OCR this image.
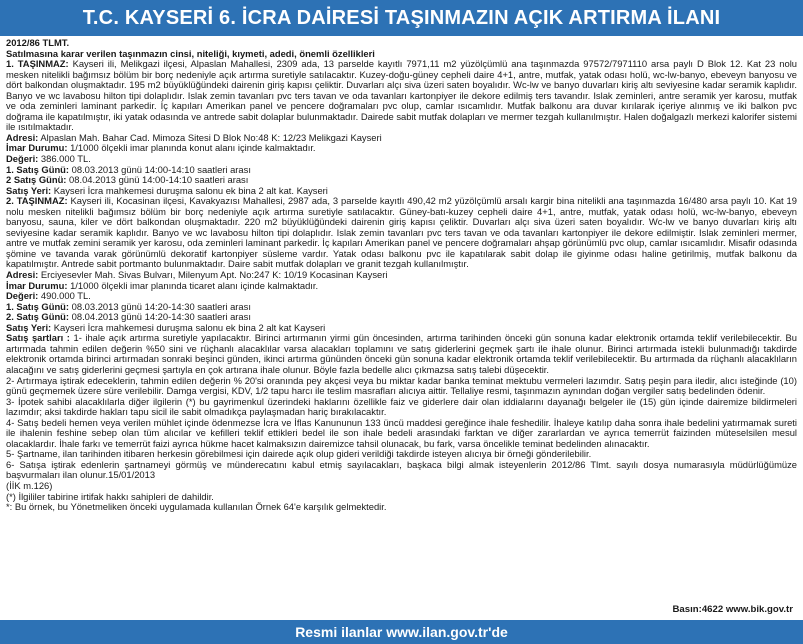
T.C. KAYSERİ 6. İCRA DAİRESİ TAŞINMAZIN AÇIK ARTIRMA İLANI

2012/86 TLMT.

Satılmasına karar verilen taşınmazın cinsi, niteliği, kıymeti, adedi, önemli özellikleri

1. TAŞINMAZ: Kayseri ili, Melikgazi ilçesi, Alpaslan Mahallesi, 2309 ada, 13 parselde kayıtlı 7971,11 m2 yüzölçümlü ana taşınmazda 97572/7971110 arsa paylı D Blok 12. Kat 23 nolu mesken nitelikli bağımsız bölüm bir borç nedeniyle açık artırma suretiyle satılacaktır. Kuzey-doğu-güney cepheli daire 4+1, antre, mutfak, yatak odası holü, wc-lw-banyo, ebeveyn banyosu ve dört balkondan oluşmaktadır. 195 m2 büyüklüğündeki dairenin giriş kapısı çeliktir. Duvarları alçı siva üzeri saten boyalıdır. Wc-lw ve banyo duvarları kiriş altı seviyesine kadar seramik kaplıdır. Banyo ve wc lavabosu hilton tipi dolaplıdır. Islak zemin tavanları pvc ters tavan ve oda tavanları kartonpiyer ile dekore edilmiş ters tavandır. Islak zeminleri, antre seramik yer karosu, mutfak ve oda zeminleri laminant parkedir. İç kapıları Amerikan panel ve pencere doğramaları pvc olup, camlar ısıcamlıdır. Mutfak balkonu ara duvar kırılarak içeriye alınmış ve iki balkon pvc doğrama ile kapatılmıştır, iki yatak odasında ve antrede sabit dolaplar bulunmaktadır. Dairede sabit mutfak dolapları ve mermer tezgah kullanılmıştır. Halen doğalgazlı merkezi kalorifer sistemi ile ısıtılmaktadır.

Adresi: Alpaslan Mah. Bahar Cad. Mimoza Sitesi D Blok No:48 K: 12/23 Melikgazi Kayseri

İmar Durumu: 1/1000 ölçekli imar planında konut alanı içinde kalmaktadır.

Değeri: 386.000 TL.

1. Satış Günü: 08.03.2013 günü 14:00-14:10 saatleri arası

2 Satış Günü: 08.04.2013 günü 14:00-14:10 saatleri arası

Satış Yeri: Kayseri İcra mahkemesi duruşma salonu ek bina 2 alt kat. Kayseri

2. TAŞINMAZ: Kayseri ili, Kocasinan ilçesi, Kavakyazısı Mahallesi, 2987 ada, 3 parselde kayıtlı 490,42 m2 yüzölçümlü arsalı kargir bina nitelikli ana taşınmazda 16/480 arsa paylı 10. Kat 19 nolu mesken nitelikli bağımsız bölüm bir borç nedeniyle açık artırma suretiyle satılacaktır. Güney-batı-kuzey cepheli daire 4+1, antre, mutfak, yatak odası holü, wc-lw-banyo, ebeveyn banyosu, sauna, kiler ve dört balkondan oluşmaktadır. 220 m2 büyüklüğündeki dairenin giriş kapısı çeliktir. Duvarları alçı siva üzeri saten boyalıdır. Wc-lw ve banyo duvarları kiriş altı seviyesine kadar seramik kaplıdır. Banyo ve wc lavabosu hilton tipi dolaplıdır. Islak zemin tavanları pvc ters tavan ve oda tavanları kartonpiyer ile dekore edilmiştir. Islak zeminleri mermer, antre ve mutfak zemini seramik yer karosu, oda zeminleri laminant parkedir. İç kapıları Amerikan panel ve pencere doğramaları ahşap görünümlü pvc olup, camlar ısıcamlıdır. Misafir odasında şömine ve tavanda varak görünümlü dekoratif kartonpiyer süsleme vardır. Yatak odası balkonu pvc ile kapatılarak sabit dolap ile giyinme odası haline getirilmiş, mutfak balkonu da kapatılmıştır. Antrede sabit portmanto bulunmaktadır. Daire sabit mutfak dolapları ve granit tezgah kullanılmıştır.

Adresi: Erciyesevler Mah. Sivas Bulvarı, Milenyum Apt. No:247 K: 10/19 Kocasinan Kayseri

İmar Durumu: 1/1000 ölçekli imar planında ticaret alanı içinde kalmaktadır.

Değeri: 490.000 TL.

1. Satış Günü: 08.03.2013 günü 14:20-14:30 saatleri arası

2. Satış Günü: 08.04.2013 günü 14:20-14:30 saatleri arası

Satış Yeri: Kayseri İcra mahkemesi duruşma salonu ek bina 2 alt kat Kayseri

Satış şartları : 1- ihale açık artırma suretiyle yapılacaktır. Birinci artırmanın yirmi gün öncesinden, artırma tarihinden önceki gün sonuna kadar elektronik ortamda teklif verilebilecektir. Bu artırmada tahmin edilen değerin %50 sini ve rüçhanlı alacaklılar varsa alacakları toplamını ve satış giderlerini geçmek şartı ile ihale olunur. Birinci artırmada istekli bulunmadığı takdirde elektronik ortamda birinci artırmadan sonraki beşinci günden, ikinci artırma gününden önceki gün sonuna kadar elektronik ortamda teklif verilebilecektir. Bu artırmada da rüçhanlı alacaklıların alacağını ve satış giderlerini geçmesi şartıyla en çok artırana ihale olunur. Böyle fazla bedelle alıcı çıkmazsa satış talebi düşecektir.

2- Artırmaya iştirak edeceklerin, tahmin edilen değerin % 20'si oranında pey akçesi veya bu miktar kadar banka teminat mektubu vermeleri lazımdır. Satış peşin para iledir, alıcı isteğinde (10) günü geçmemek üzere süre verilebilir. Damga vergisi, KDV, 1/2 tapu harcı ile teslim masrafları alıcıya aittir. Tellaliye resmi, taşınmazın aynından doğan vergiler satış bedelinden ödenir.

3- İpotek sahibi alacaklılarla diğer ilgilerin (*) bu gayrimenkul üzerindeki haklarını özellikle faiz ve giderlere dair olan iddialarını dayanağı belgeler ile (15) gün içinde dairemize bildirmeleri lazımdır; aksi takdirde hakları tapu sicil ile sabit olmadıkça paylaşmadan hariç bırakılacaktır.

4- Satış bedeli hemen veya verilen mühlet içinde ödenmezse İcra ve İflas Kanununun 133 üncü maddesi gereğince ihale feshedilir. İhaleye katılıp daha sonra ihale bedelini yatırmamak sureti ile ihalenin feshine sebep olan tüm alıcılar ve kefilleri teklif ettikleri bedel ile son ihale bedeli arasındaki farktan ve diğer zararlardan ve ayrıca temerrüt faizinden müteselsilen mesul olacaklardır. İhale farkı ve temerrüt faizi ayrıca hükme hacet kalmaksızın dairemizce tahsil olunacak, bu fark, varsa öncelikle teminat bedelinden alınacaktır.

5- Şartname, ilan tarihinden itibaren herkesin görebilmesi için dairede açık olup gideri verildiği takdirde isteyen alıcıya bir örneği gönderilebilir.

6- Satışa iştirak edenlerin şartnameyi görmüş ve münderecatını kabul etmiş sayılacakları, başkaca bilgi almak isteyenlerin 2012/86 Tlmt. sayılı dosya numarasıyla müdürlüğümüze başvurmaları ilan olunur.15/01/2013

(İİK m.126)

(*) İlgililer tabirine irtifak hakkı sahipleri de dahildir.

*: Bu örnek, bu Yönetmeliken önceki uygulamada kullanılan Örnek 64'e karşılık gelmektedir.

Basın:4622 www.bik.gov.tr
Resmi ilanlar www.ilan.gov.tr'de
